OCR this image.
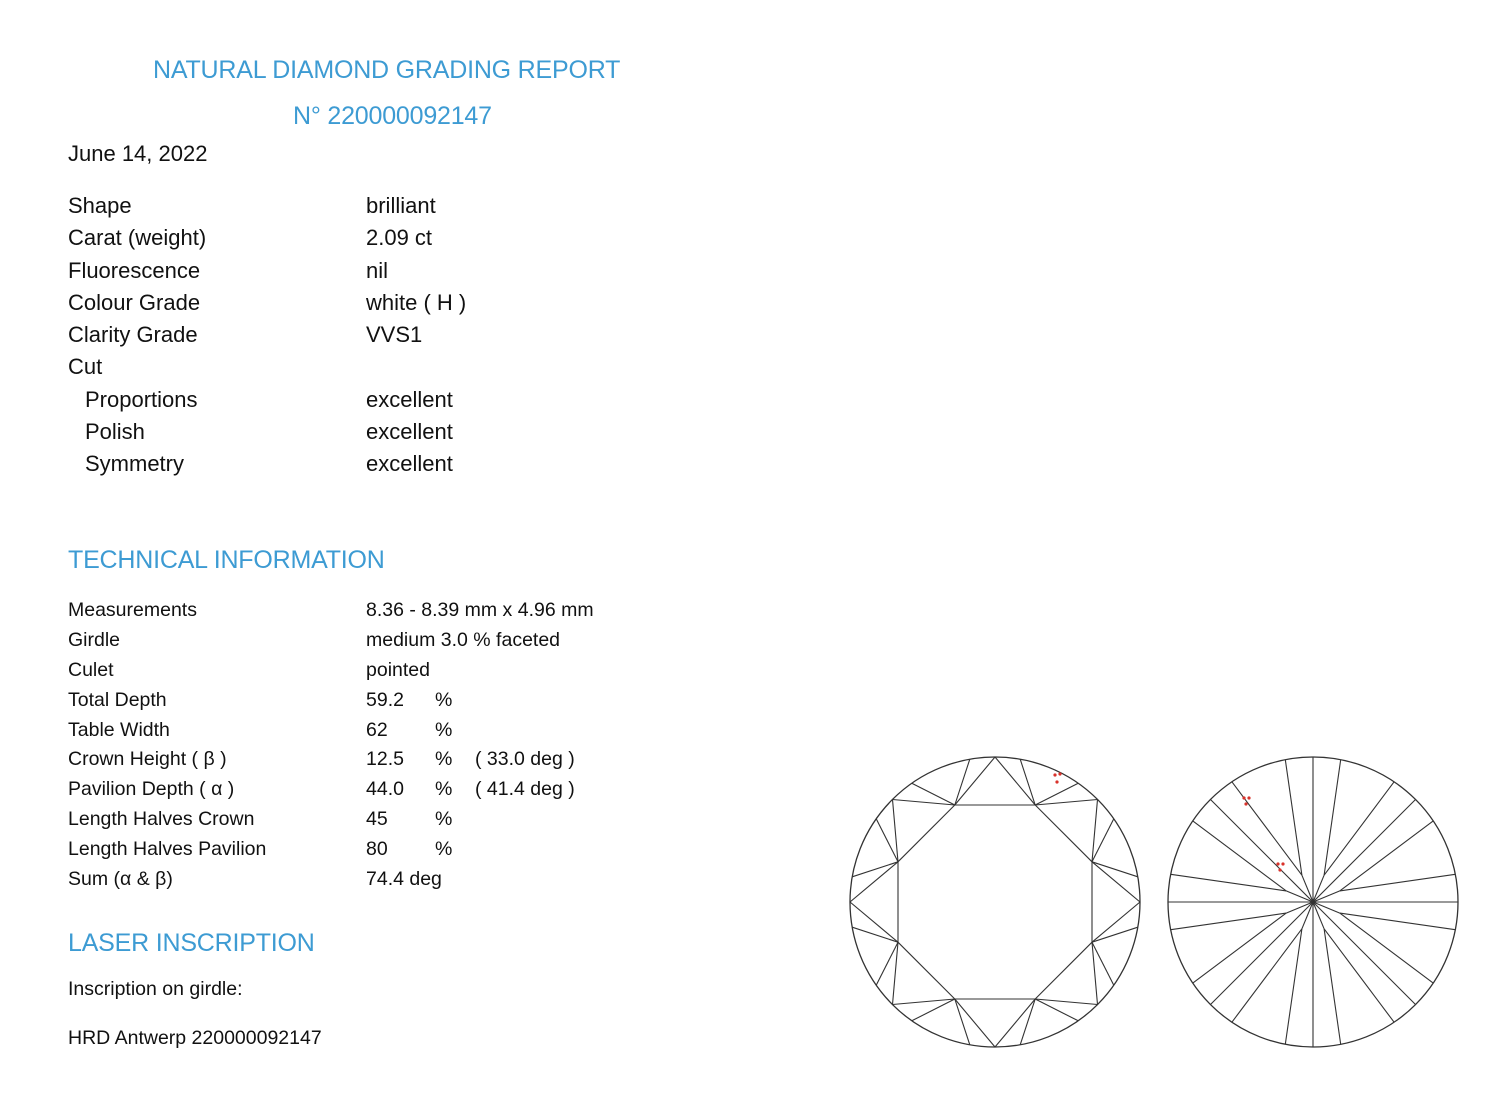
NATURAL DIAMOND GRADING REPORT
N° 220000092147
June 14, 2022
Shape	brilliant
Carat (weight)	2.09 ct
Fluorescence	nil
Colour Grade	white ( H )
Clarity Grade	VVS1
Cut
Proportions	excellent
Polish	excellent
Symmetry	excellent
TECHNICAL INFORMATION
Measurements	8.36 - 8.39 mm x 4.96 mm
Girdle	medium 3.0 % faceted
Culet	pointed
Total Depth	59.2 %
Table Width	62 %
Crown Height ( β )	12.5 % ( 33.0 deg )
Pavilion Depth ( α )	44.0 % ( 41.4 deg )
Length Halves Crown	45 %
Length Halves Pavilion	80 %
Sum (α & β)	74.4 deg
LASER INSCRIPTION
Inscription on girdle:
HRD Antwerp 220000092147
